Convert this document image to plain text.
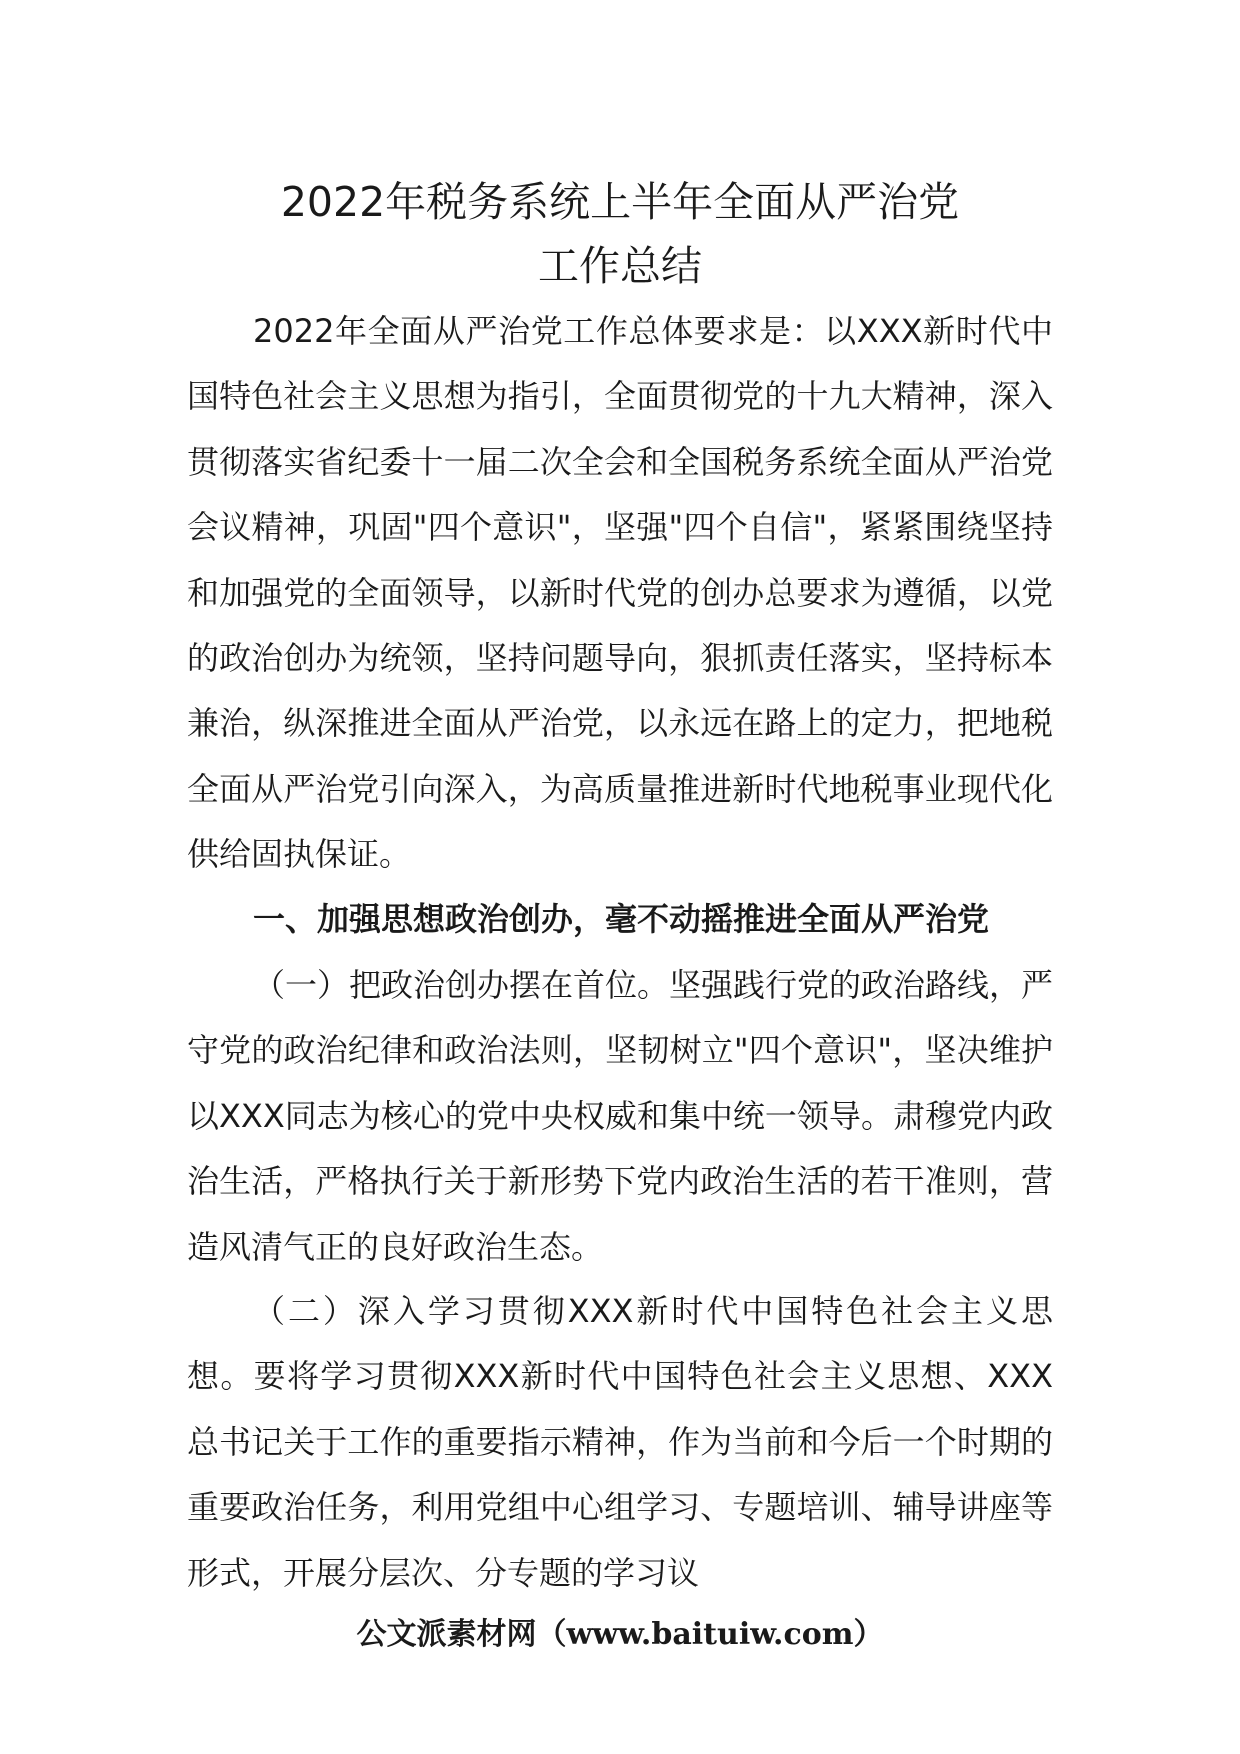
2022年税务系统上半年全面从严治党
工作总结

2022年全面从严治党工作总体要求是：以XXX新时代中国特色社会主义思想为指引，全面贯彻党的十九大精神，深入贯彻落实省纪委十一届二次全会和全国税务系统全面从严治党会议精神，巩固"四个意识"，坚强"四个自信"，紧紧围绕坚持和加强党的全面领导，以新时代党的创办总要求为遵循，以党的政治创办为统领，坚持问题导向，狠抓责任落实，坚持标本兼治，纵深推进全面从严治党，以永远在路上的定力，把地税全面从严治党引向深入，为高质量推进新时代地税事业现代化供给固执保证。

一、加强思想政治创办，毫不动摇推进全面从严治党

（一）把政治创办摆在首位。坚强践行党的政治路线，严守党的政治纪律和政治法则，坚韧树立"四个意识"，坚决维护以XXX同志为核心的党中央权威和集中统一领导。肃穆党内政治生活，严格执行关于新形势下党内政治生活的若干准则，营造风清气正的良好政治生态。

（二）深入学习贯彻XXX新时代中国特色社会主义思想。要将学习贯彻XXX新时代中国特色社会主义思想、XXX总书记关于工作的重要指示精神，作为当前和今后一个时期的重要政治任务，利用党组中心组学习、专题培训、辅导讲座等形式，开展分层次、分专题的学习议

公文派素材网（www.baituiw.com）
